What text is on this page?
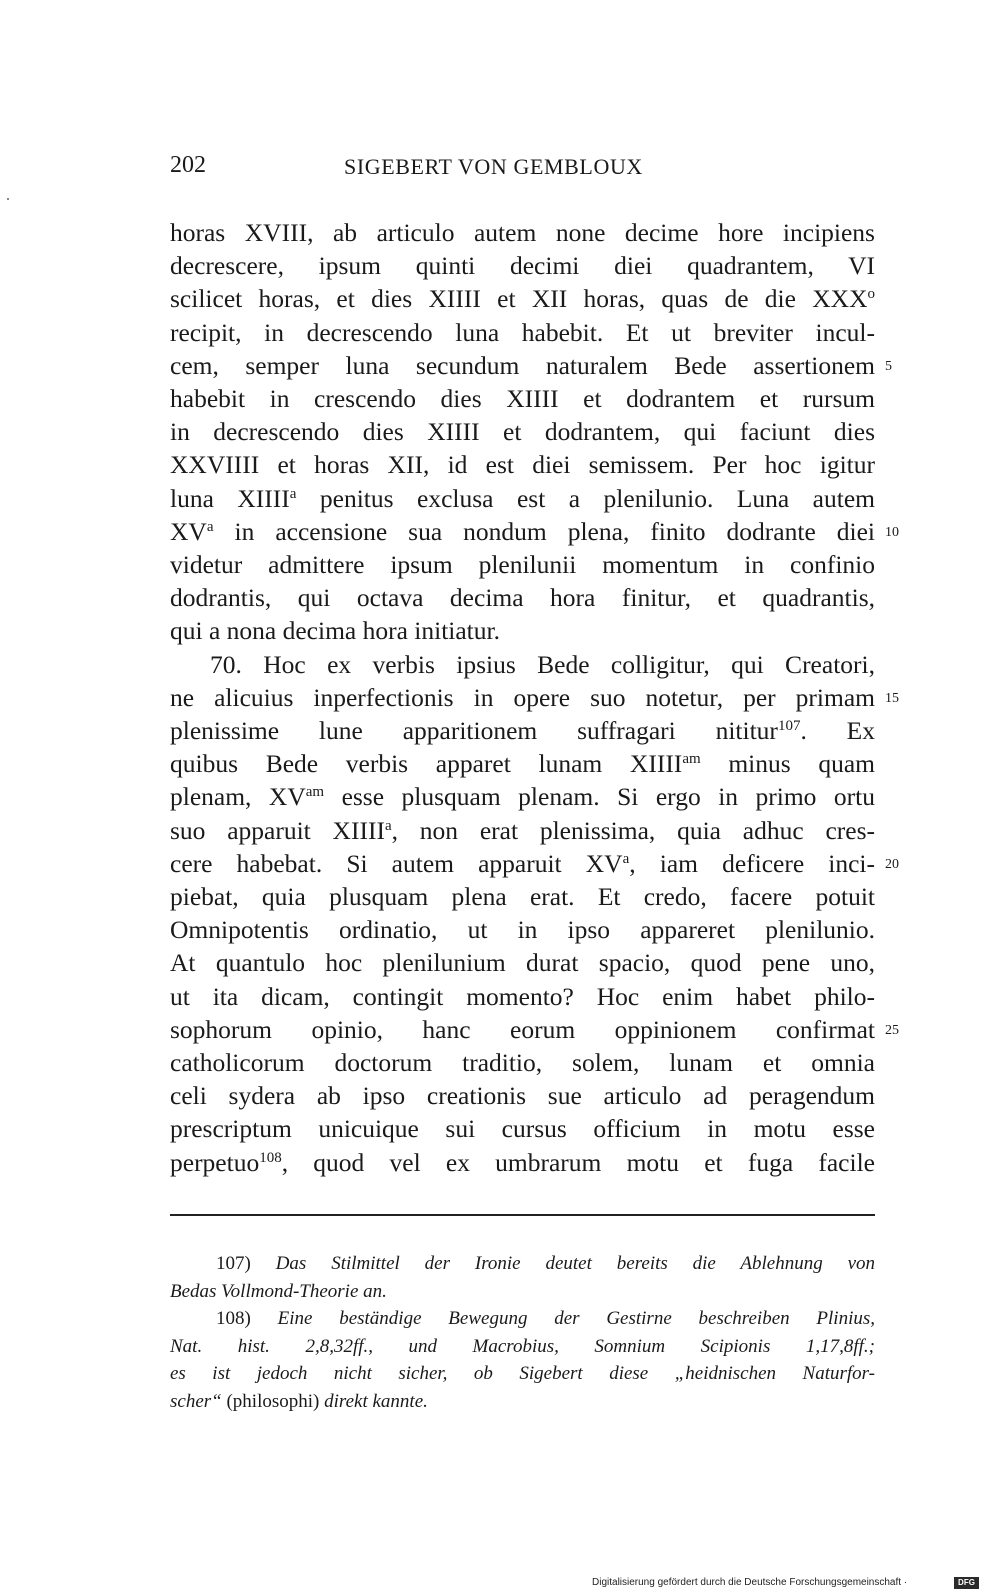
202	SIGEBERT VON GEMBLOUX
horas XVIII, ab articulo autem none decime hore incipiens
decrescere, ipsum quinti decimi diei quadrantem, VI
scilicet horas, et dies XIIII et XII horas, quas de die XXX$^o$
recipit, in decrescendo luna habebit. Et ut breviter incul-
cem, semper luna secundum naturalem Bede assertionem
habebit in crescendo dies XIIII et dodrantem et rursum
in decrescendo dies XIIII et dodrantem, qui faciunt dies
XXVIIII et horas XII, id est diei semissem. Per hoc igitur
luna XIIII$^a$ penitus exclusa est a plenilunio. Luna autem
$XV^a$ in accensione sua nondum plena, finito dodrante diei
videtur admittere ipsum plenilunii momentum in confinio
dodrantis, qui octava decima hora finitur, et quadrantis,
qui a nona decima hora initiatur.
70. Hoc ex verbis ipsius Bede colligitur, qui Creatori,
ne alicuius inperfectionis in opere suo notetur, per primam
plenissime lune apparitionem suffragari nititur$^{107}$. Ex
quibus Bede verbis apparet lunam $XIIII^{am}$ minus quam
plenam, $XV^{am}$ esse plusquam plenam. Si ergo in primo ortu
suo apparuit XIIII$^a$, non erat plenissima, quia adhuc cres-
cere habebat. Si autem apparuit $XV^a$, iam deficere inci-
piebat, quia plusquam plena erat. Et credo, facere potuit
Omnipotentis ordinatio, ut in ipso appareret plenilunio.
At quantulo hoc plenilunium durat spacio, quod pene uno,
ut ita dicam, contingit momento? Hoc enim habet philo-
sophorum opinio, hanc eorum oppinionem confirmat
catholicorum doctorum traditio, solem, lunam et omnia
celi sydera ab ipso creationis sue articulo ad peragendum
prescriptum unicuique sui cursus officium in motu esse
perpetuo$^{108}$, quod vel ex umbrarum motu et fuga facile
5
10
15
20
25
107) Das Stilmittel der Ironie deutet bereits die Ablehnung von
Bedas Vollmond-Theorie an.
108) Eine beständige Bewegung der Gestirne beschreiben Plinius,
Nat. hist. 2,8,32ff., und Macrobius, Somnium Scipionis 1,17,8ff.;
es ist jedoch nicht sicher, ob Sigebert diese „heidnischen Naturfor-
scher“ (philosophi) direkt kannte.
Digitalisierung gefördert durch die Deutsche Forschungsgemeinschaft ·	DFG
